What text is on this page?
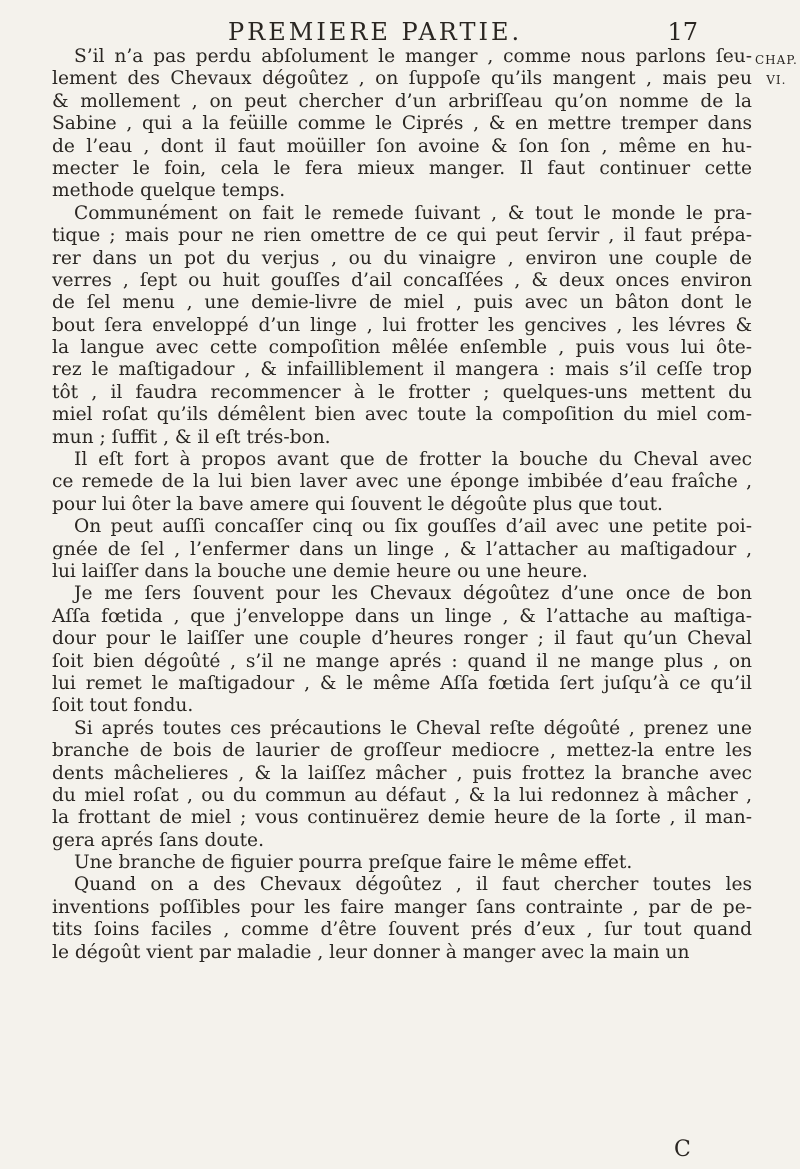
PREMIERE PARTIE.	17
CHAP.
VI.
S’il n’a pas perdu abſolument le manger , comme nous parlons ſeu-
lement des Chevaux dégoûtez , on ſuppoſe qu’ils mangent , mais peu
& mollement , on peut chercher d’un arbriſſeau qu’on nomme de la
Sabine , qui a la feüille comme le Ciprés , & en mettre tremper dans
de l’eau , dont il faut moüiller ſon avoine & ſon ſon , même en hu-
mecter le foin, cela le fera mieux manger. Il faut continuer cette
methode quelque temps.
Communément on fait le remede ſuivant , & tout le monde le pra-
tique ; mais pour ne rien omettre de ce qui peut ſervir , il faut prépa-
rer dans un pot du verjus , ou du vinaigre , environ une couple de
verres , ſept ou huit gouſſes d’ail concaſſées , & deux onces environ
de ſel menu , une demie-livre de miel , puis avec un bâton dont le
bout ſera enveloppé d’un linge , lui frotter les gencives , les lévres &
la langue avec cette compoſition mêlée enſemble , puis vous lui ôte-
rez le maſtigadour , & infailliblement il mangera : mais s’il ceſſe trop
tôt , il faudra recommencer à le frotter ; quelques-uns mettent du
miel roſat qu’ils démêlent bien avec toute la compoſition du miel com-
mun ; ſuffit , & il eſt trés-bon.
Il eſt fort à propos avant que de frotter la bouche du Cheval avec
ce remede de la lui bien laver avec une éponge imbibée d’eau fraîche ,
pour lui ôter la bave amere qui ſouvent le dégoûte plus que tout.
On peut auſſi concaſſer cinq ou ſix gouſſes d’ail avec une petite poi-
gnée de ſel , l’enfermer dans un linge , & l’attacher au maſtigadour ,
lui laiſſer dans la bouche une demie heure ou une heure.
Je me ſers ſouvent pour les Chevaux dégoûtez d’une once de bon
Aſſa fœtida , que j’enveloppe dans un linge , & l’attache au maſtiga-
dour pour le laiſſer une couple d’heures ronger ; il faut qu’un Cheval
ſoit bien dégoûté , s’il ne mange aprés : quand il ne mange plus , on
lui remet le maſtigadour , & le même Aſſa fœtida ſert juſqu’à ce qu’il
ſoit tout fondu.
Si aprés toutes ces précautions le Cheval reſte dégoûté , prenez une
branche de bois de laurier de groſſeur mediocre , mettez-la entre les
dents mâchelieres , & la laiſſez mâcher , puis frottez la branche avec
du miel roſat , ou du commun au défaut , & la lui redonnez à mâcher ,
la frottant de miel ; vous continuërez demie heure de la ſorte , il man-
gera aprés ſans doute.
Une branche de figuier pourra preſque faire le même effet.
Quand on a des Chevaux dégoûtez , il faut chercher toutes les
inventions poſſibles pour les faire manger ſans contrainte , par de pe-
tits ſoins faciles , comme d’être ſouvent prés d’eux , ſur tout quand
le dégoût vient par maladie , leur donner à manger avec la main un
C
